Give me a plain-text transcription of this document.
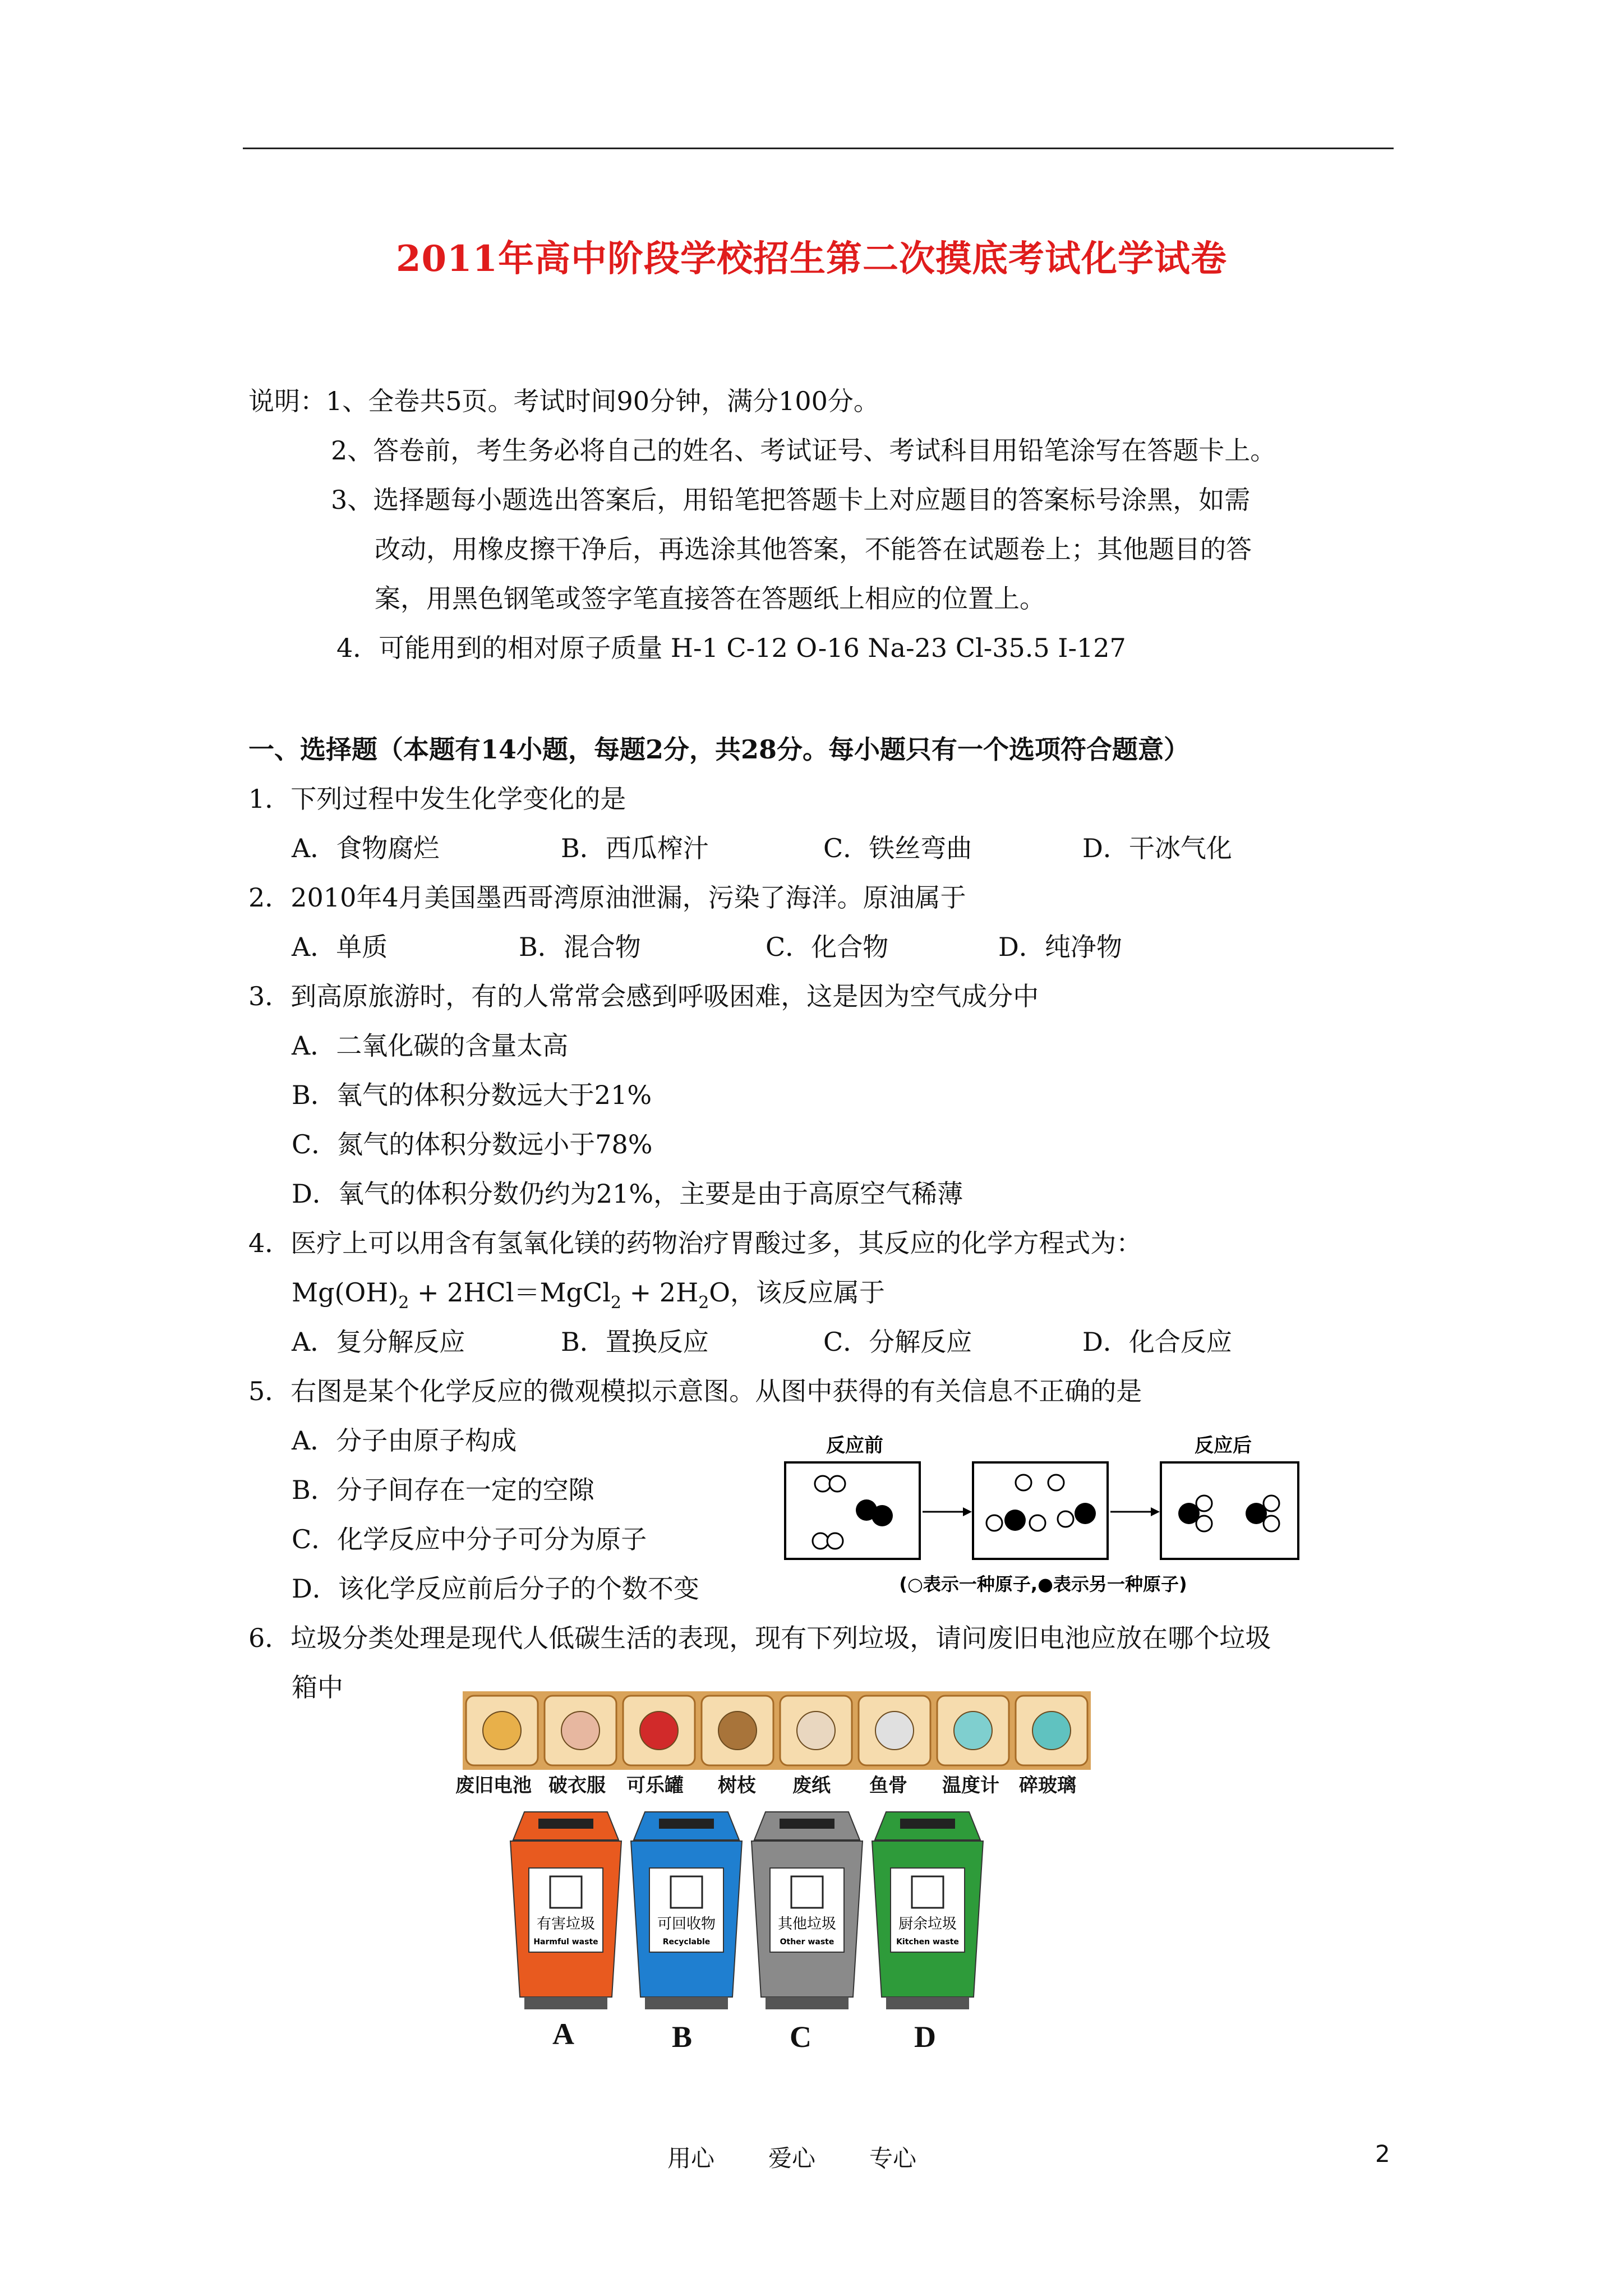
2011年高中阶段学校招生第二次摸底考试化学试卷
说明：1、全卷共5页。考试时间90分钟，满分100分。
2、答卷前，考生务必将自己的姓名、考试证号、考试科目用铅笔涂写在答题卡上。
3、选择题每小题选出答案后，用铅笔把答题卡上对应题目的答案标号涂黑，如需
改动，用橡皮擦干净后，再选涂其他答案，不能答在试题卷上；其他题目的答
案，用黑色钢笔或签字笔直接答在答题纸上相应的位置上。
4．可能用到的相对原子质量 H-1 C-12 O-16 Na-23 Cl-35.5 I-127
一、选择题（本题有14小题，每题2分，共28分。每小题只有一个选项符合题意）
1．下列过程中发生化学变化的是
A．食物腐烂	B．西瓜榨汁	C．铁丝弯曲	D．干冰气化
2．2010年4月美国墨西哥湾原油泄漏，污染了海洋。原油属于
A．单质	B．混合物	C．化合物	D．纯净物
3．到高原旅游时，有的人常常会感到呼吸困难，这是因为空气成分中
A．二氧化碳的含量太高
B．氧气的体积分数远大于21%
C．氮气的体积分数远小于78%
D．氧气的体积分数仍约为21%，主要是由于高原空气稀薄
4．医疗上可以用含有氢氧化镁的药物治疗胃酸过多，其反应的化学方程式为：
$Mg(OH)_2$ + 2HCl＝MgCl$_2$ + $2H_2O$，该反应属于
A．复分解反应	B．置换反应	C．分解反应	D．化合反应
5．右图是某个化学反应的微观模拟示意图。从图中获得的有关信息不正确的是
A．分子由原子构成
B．分子间存在一定的空隙
C．化学反应中分子可分为原子
D．该化学反应前后分子的个数不变
反应前	反应后
(○表示一种原子,●表示另一种原子)
6．垃圾分类处理是现代人低碳生活的表现，现有下列垃圾，请问废旧电池应放在哪个垃圾
箱中
废旧电池 破衣服 可乐罐 树枝 废纸 鱼骨 温度计 碎玻璃
有害垃圾
Harmful waste
可回收物
Recyclable
其他垃圾
Other waste
厨余垃圾
Kitchen waste
A	B	C	D
用心 爱心 专心	2
